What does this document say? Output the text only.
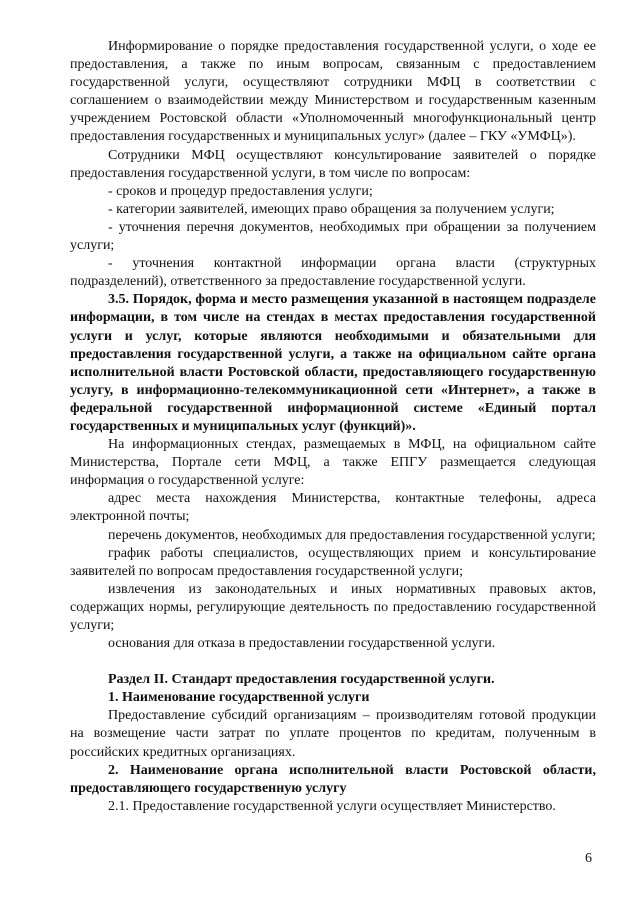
Информирование о порядке предоставления государственной услуги, о ходе ее предоставления, а также по иным вопросам, связанным с предоставлением государственной услуги, осуществляют сотрудники МФЦ в соответствии с соглашением о взаимодействии между Министерством и государственным казенным учреждением Ростовской области «Уполномоченный многофункциональный центр предоставления государственных и муниципальных услуг» (далее – ГКУ «УМФЦ»).

Сотрудники МФЦ осуществляют консультирование заявителей о порядке предоставления государственной услуги, в том числе по вопросам:

- сроков и процедур предоставления услуги;

- категории заявителей, имеющих право обращения за получением услуги;

- уточнения перечня документов, необходимых при обращении за получением услуги;

- уточнения контактной информации органа власти (структурных подразделений), ответственного за предоставление государственной услуги.

3.5. Порядок, форма и место размещения указанной в настоящем подразделе информации, в том числе на стендах в местах предоставления государственной услуги и услуг, которые являются необходимыми и обязательными для предоставления государственной услуги, а также на официальном сайте органа исполнительной власти Ростовской области, предоставляющего государственную услугу, в информационно-телекоммуникационной сети «Интернет», а также в федеральной государственной информационной системе «Единый портал государственных и муниципальных услуг (функций)».

На информационных стендах, размещаемых в МФЦ, на официальном сайте Министерства, Портале сети МФЦ, а также ЕПГУ размещается следующая информация о государственной услуге:

адрес места нахождения Министерства, контактные телефоны, адреса электронной почты;

перечень документов, необходимых для предоставления государственной услуги;

график работы специалистов, осуществляющих прием и консультирование заявителей по вопросам предоставления государственной услуги;

извлечения из законодательных и иных нормативных правовых актов, содержащих нормы, регулирующие деятельность по предоставлению государственной услуги;

основания для отказа в предоставлении государственной услуги.

Раздел II. Стандарт предоставления государственной услуги.

1. Наименование государственной услуги

Предоставление субсидий организациям – производителям готовой продукции на возмещение части затрат по уплате процентов по кредитам, полученным в российских кредитных организациях.

2. Наименование органа исполнительной власти Ростовской области, предоставляющего государственную услугу

2.1. Предоставление государственной услуги осуществляет Министерство.

6
